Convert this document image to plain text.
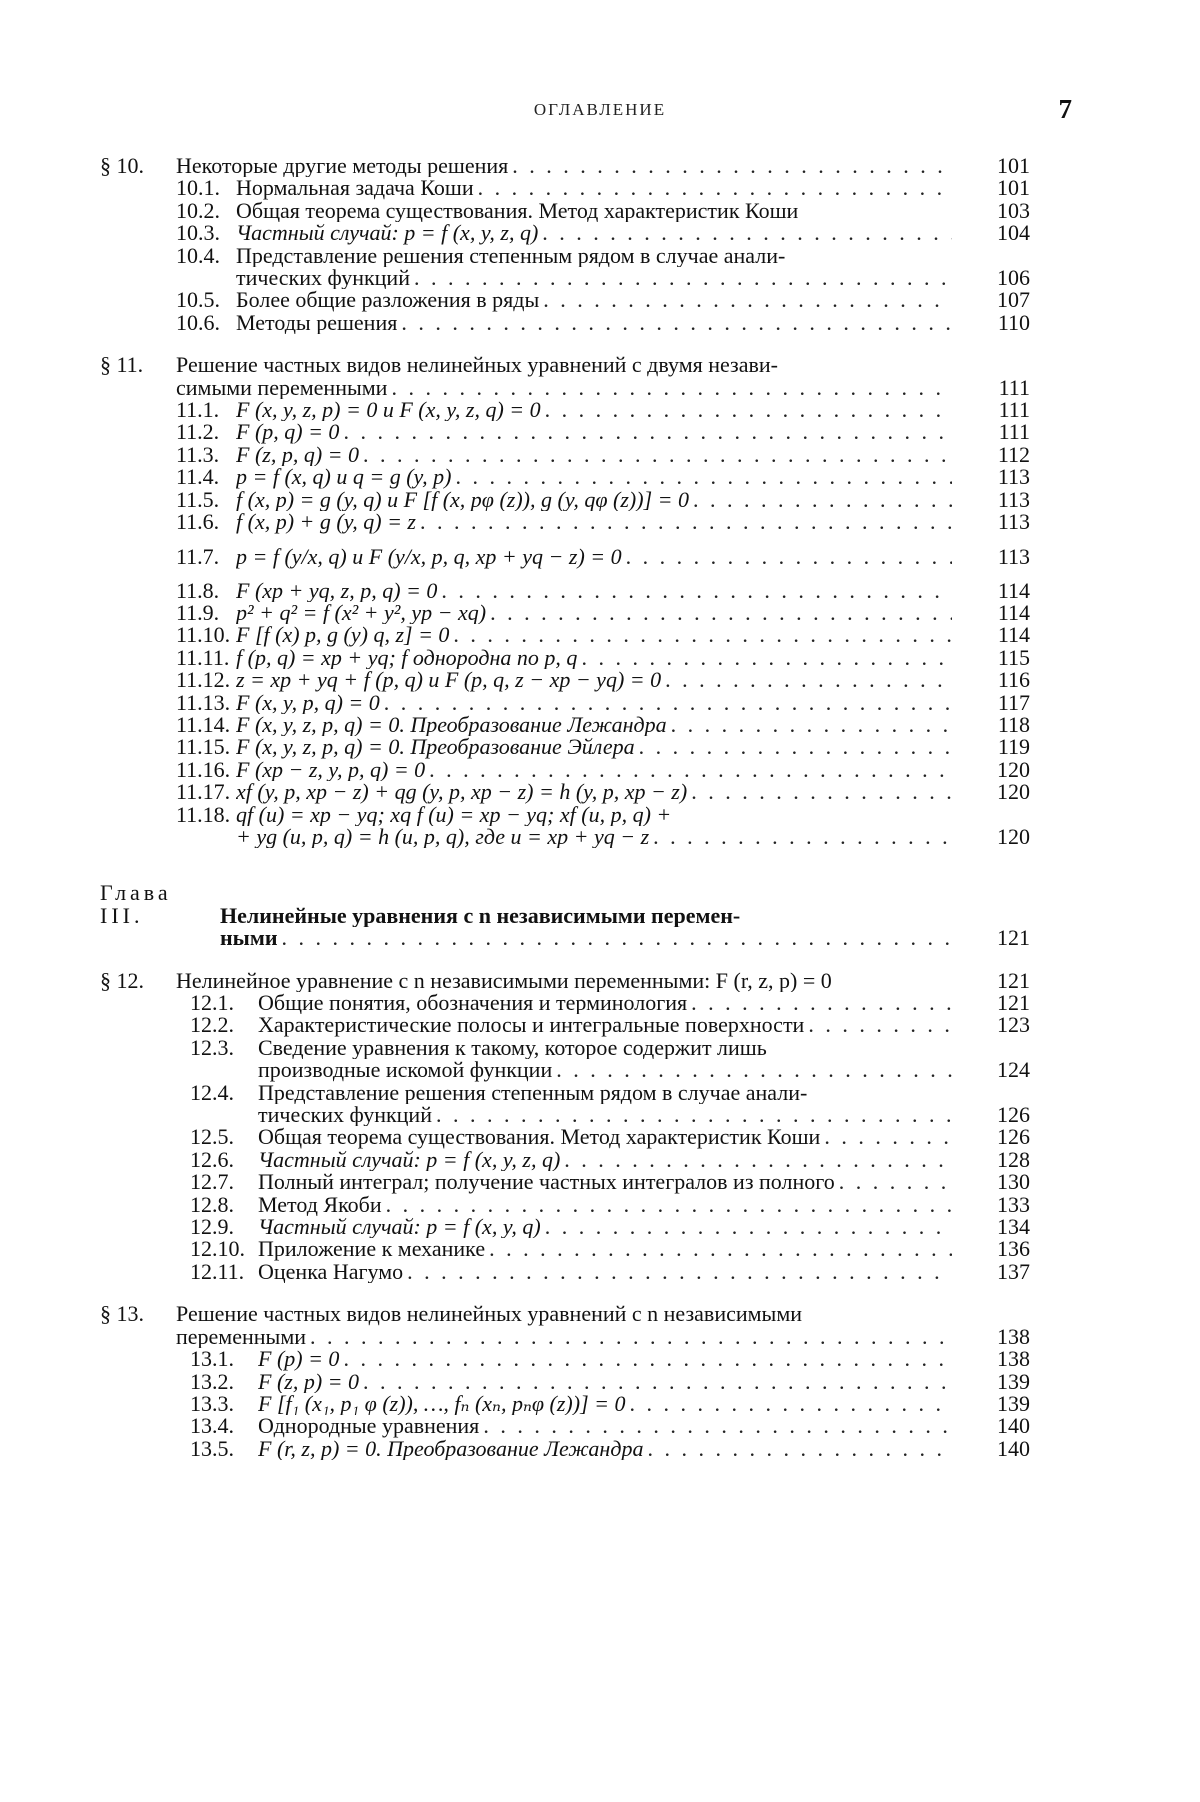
ОГЛАВЛЕНИЕ	7
§ 10.	Некоторые другие методы решения . . .	101
10.1. Нормальная задача Коши . . .	101
10.2. Общая теорема существования. Метод характеристик Коши	103
10.3. Частный случай: p = f (x, y, z, q) . . .	104
10.4. Представление решения степенным рядом в случае анали-
тических функций . . .	106
10.5. Более общие разложения в ряды . . .	107
10.6. Методы решения . . .	110
§ 11.	Решение частных видов нелинейных уравнений с двумя незави-
симыми переменными . . .	111
11.1. F (x, y, z, p) = 0 и F (x, y, z, q) = 0 . . .	111
11.2. F (p, q) = 0 . . .	111
11.3. F (z, p, q) = 0 . . .	112
11.4. p = f (x, q) и q = g (y, p) . . .	113
11.5. f (x, p) = g (y, q) и F [f (x, pφ (z)), g (y, qφ (z))] = 0 . . .	113
11.6. f (x, p) + g (y, q) = z . . .	113
11.7. p = f (y/x, q) и F (y/x, p, q, xp + yq − z) = 0 . . .	113
11.8. F (xp + yq, z, p, q) = 0 . . .	114
11.9. p² + q² = f (x² + y², yp − xq) . . .	114
11.10. F [f (x) p, g (y) q, z] = 0 . . .	114
11.11. f (p, q) = xp + yq; f однородна по p, q . . .	115
11.12. z = xp + yq + f (p, q) и F (p, q, z − xp − yq) = 0 . . .	116
11.13. F (x, y, p, q) = 0 . . .	117
11.14. F (x, y, z, p, q) = 0. Преобразование Лежандра . . .	118
11.15. F (x, y, z, p, q) = 0. Преобразование Эйлера . . .	119
11.16. F (xp − z, y, p, q) = 0 . . .	120
11.17. xf (y, p, xp − z) + qg (y, p, xp − z) = h (y, p, xp − z) . . .	120
11.18. qf (u) = xp − yq; xq f (u) = xp − yq; xf (u, p, q) +
+ yg (u, p, q) = h (u, p, q), где u = xp + yq − z . . .	120
Глава III.	Нелинейные уравнения с n независимыми перемен-
ными . . .	121
§ 12.	Нелинейное уравнение с n независимыми переменными: F (r, z, p) = 0	121
12.1.	Общие понятия, обозначения и терминология . . .	121
12.2.	Характеристические полосы и интегральные поверхности . . .	123
12.3.	Сведение уравнения к такому, которое содержит лишь
производные искомой функции . . .	124
12.4.	Представление решения степенным рядом в случае анали-
тических функций . . .	126
12.5.	Общая теорема существования. Метод характеристик Коши . . .	126
12.6.	Частный случай: p = f (x, y, z, q) . . .	128
12.7.	Полный интеграл; получение частных интегралов из полного . . .	130
12.8.	Метод Якоби . . .	133
12.9.	Частный случай: p = f (x, y, q) . . .	134
12.10. Приложение к механике . . .	136
12.11. Оценка Нагумо . . .	137
§ 13.	Решение частных видов нелинейных уравнений с n независимыми
переменными . . .	138
13.1.	F (p) = 0 . . .	138
13.2.	F (z, p) = 0 . . .	139
13.3.	F [f₁ (x₁, p₁ φ (z)), …, fₙ (xₙ, pₙφ (z))] = 0 . . .	139
13.4.	Однородные уравнения . . .	140
13.5.	F (r, z, p) = 0. Преобразование Лежандра . . .	140
